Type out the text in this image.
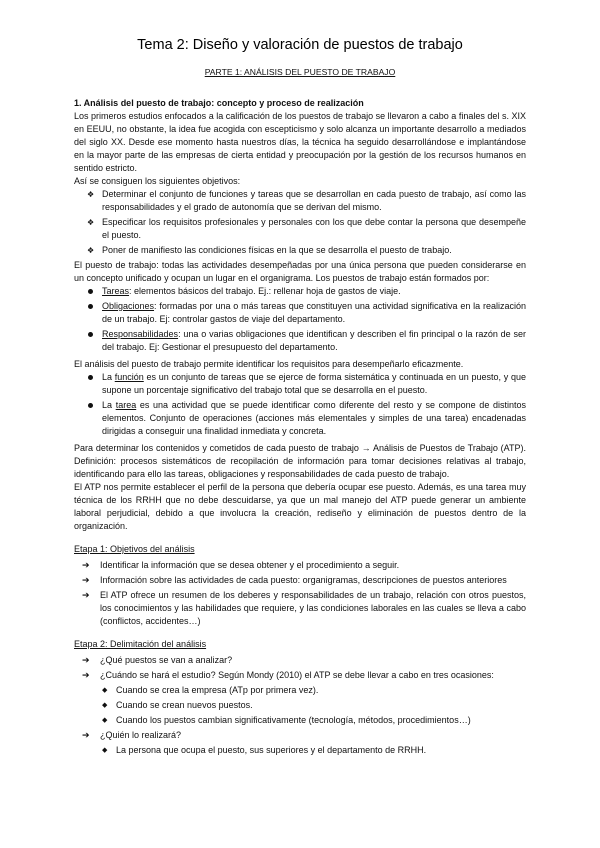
Tema 2: Diseño y valoración de puestos de trabajo
PARTE 1: ANÁLISIS DEL PUESTO DE TRABAJO

1. Análisis del puesto de trabajo: concepto y proceso de realización

Los primeros estudios enfocados a la calificación de los puestos de trabajo se llevaron a cabo a finales del s. XIX en EEUU, no obstante, la idea fue acogida con escepticismo y solo alcanza un importante desarrollo a mediados del siglo XX. Desde ese momento hasta nuestros días, la técnica ha seguido desarrollándose e implantándose en la mayor parte de las empresas de cierta entidad y preocupación por la gestión de los recursos humanos en sentido estricto.

Así se consiguen los siguientes objetivos:

❖ Determinar el conjunto de funciones y tareas que se desarrollan en cada puesto de trabajo, así como las responsabilidades y el grado de autonomía que se derivan del mismo.
❖ Especificar los requisitos profesionales y personales con los que debe contar la persona que desempeñe el puesto.
❖ Poner de manifiesto las condiciones físicas en la que se desarrolla el puesto de trabajo.

El puesto de trabajo: todas las actividades desempeñadas por una única persona que pueden considerarse en un concepto unificado y ocupan un lugar en el organigrama. Los puestos de trabajo están formados por:

Tareas: elementos básicos del trabajo. Ej.: rellenar hoja de gastos de viaje.
Obligaciones: formadas por una o más tareas que constituyen una actividad significativa en la realización de un trabajo. Ej: controlar gastos de viaje del departamento.
Responsabilidades: una o varias obligaciones que identifican y describen el fin principal o la razón de ser del trabajo. Ej: Gestionar el presupuesto del departamento.

El análisis del puesto de trabajo permite identificar los requisitos para desempeñarlo eficazmente.

La función es un conjunto de tareas que se ejerce de forma sistemática y continuada en un puesto, y que supone un porcentaje significativo del trabajo total que se desarrolla en el puesto.
La tarea es una actividad que se puede identificar como diferente del resto y se compone de distintos elementos. Conjunto de operaciones (acciones más elementales y simples de una tarea) encadenadas dirigidas a conseguir una finalidad inmediata y concreta.

Para determinar los contenidos y cometidos de cada puesto de trabajo → Análisis de Puestos de Trabajo (ATP). Definición: procesos sistemáticos de recopilación de información para tomar decisiones relativas al trabajo, identificando para ello las tareas, obligaciones y responsabilidades de cada puesto de trabajo.

El ATP nos permite establecer el perfil de la persona que debería ocupar ese puesto. Además, es una tarea muy técnica de los RRHH que no debe descuidarse, ya que un mal manejo del ATP puede generar un ambiente laboral perjudicial, debido a que involucra la creación, rediseño y eliminación de puestos dentro de la organización.

Etapa 1: Objetivos del análisis

➔ Identificar la información que se desea obtener y el procedimiento a seguir.
➔ Información sobre las actividades de cada puesto: organigramas, descripciones de puestos anteriores
➔ El ATP ofrece un resumen de los deberes y responsabilidades de un trabajo, relación con otros puestos, los conocimientos y las habilidades que requiere, y las condiciones laborales en las cuales se lleva a cabo (conflictos, accidentes…)

Etapa 2: Delimitación del análisis

➔ ¿Qué puestos se van a analizar?
➔ ¿Cuándo se hará el estudio? Según Mondy (2010) el ATP se debe llevar a cabo en tres ocasiones:
◆ Cuando se crea la empresa (ATp por primera vez).
◆ Cuando se crean nuevos puestos.
◆ Cuando los puestos cambian significativamente (tecnología, métodos, procedimientos…)
➔ ¿Quién lo realizará?
◆ La persona que ocupa el puesto, sus superiores y el departamento de RRHH.
